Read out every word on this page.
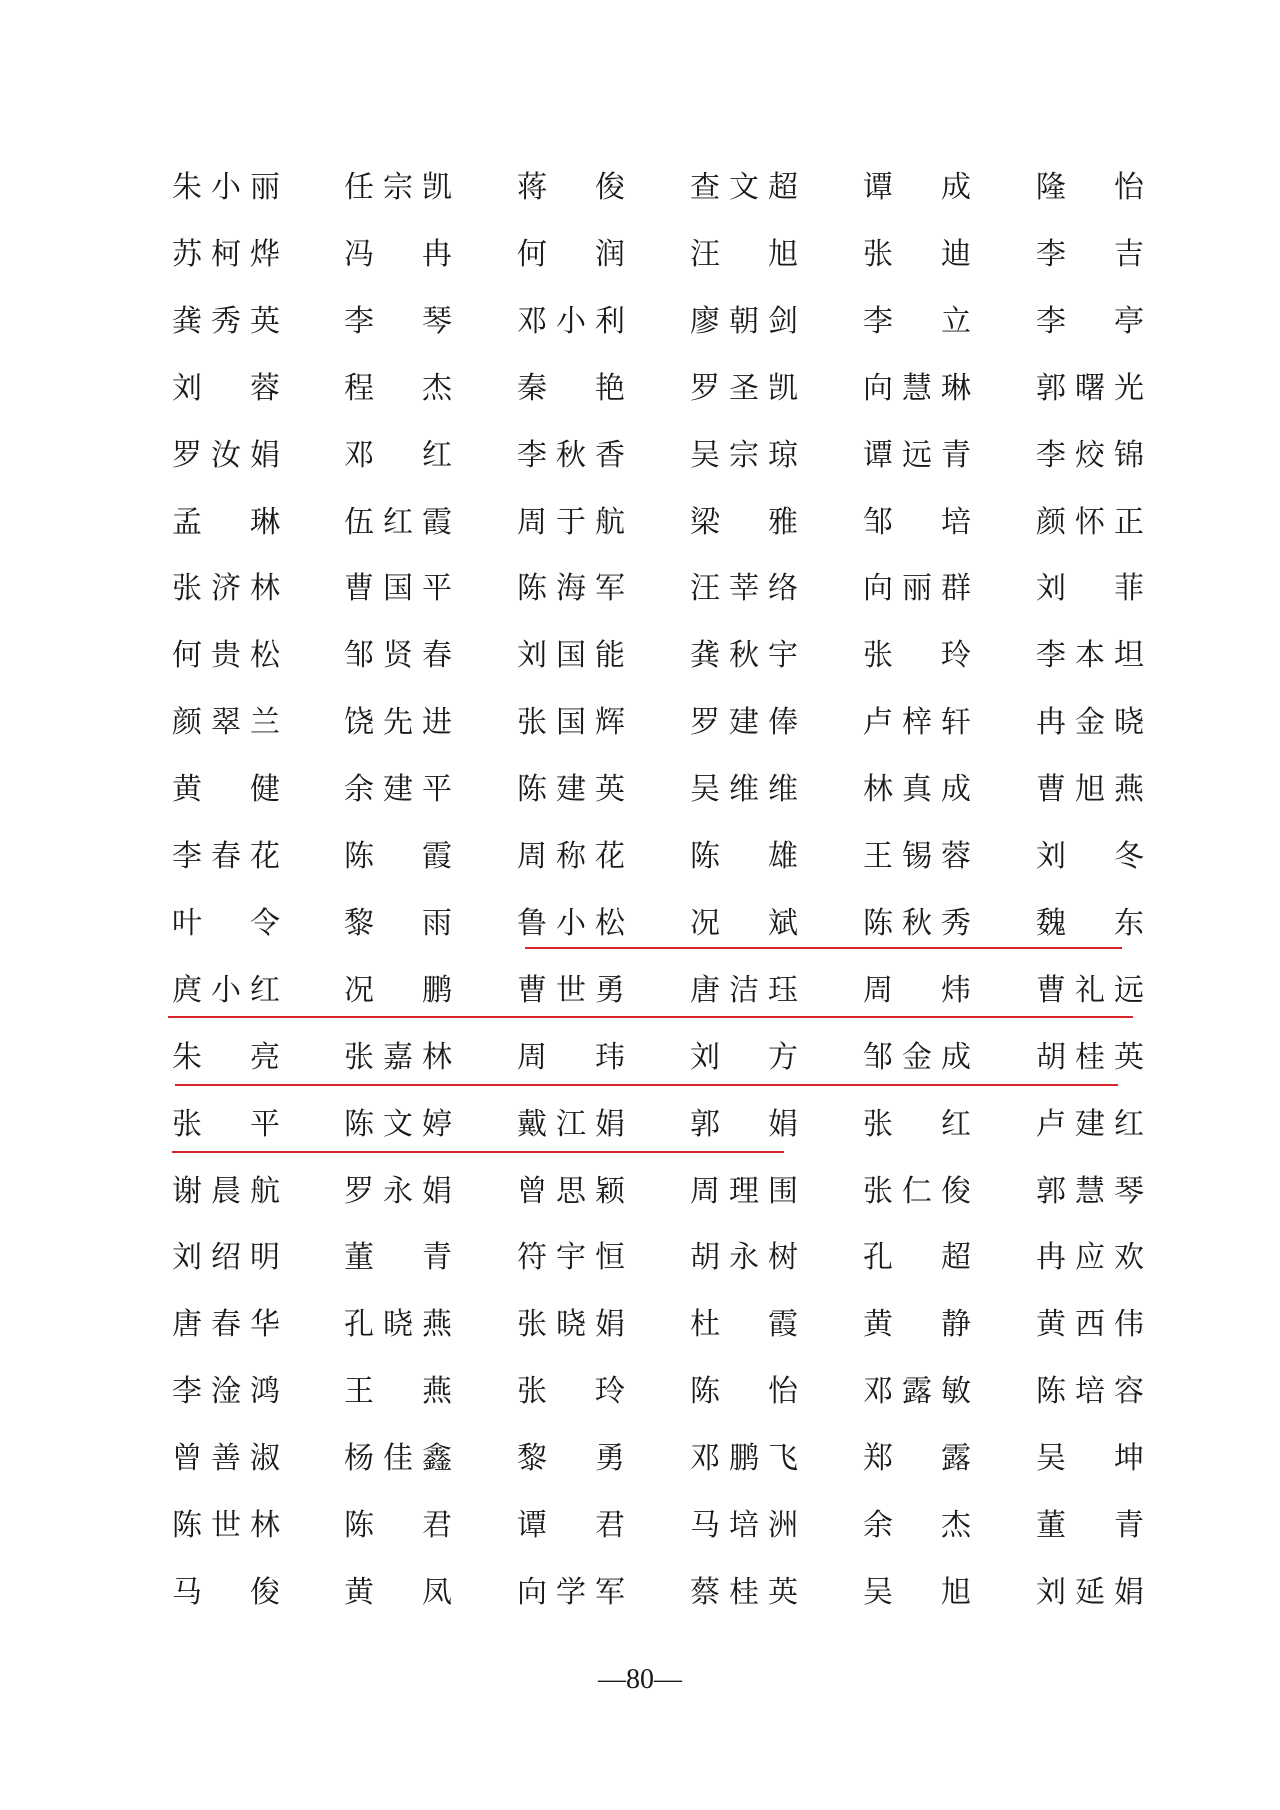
朱 小 丽 任 宗 凯 蒋 俊 查 文 超 谭 成 隆 怡
苏 柯 烨 冯 冉 何 润 汪 旭 张 迪 李 吉
龚 秀 英 李 琴 邓 小 利 廖 朝 剑 李 立 李 亭
刘 蓉 程 杰 秦 艳 罗 圣 凯 向 慧 琳 郭 曙 光
罗 汝 娟 邓 红 李 秋 香 吴 宗 琼 谭 远 青 李 烄 锦
孟 琳 伍 红 霞 周 于 航 梁 雅 邹 培 颜 怀 正
张 济 林 曹 国 平 陈 海 军 汪 莘 络 向 丽 群 刘 菲
何 贵 松 邹 贤 春 刘 国 能 龚 秋 宇 张 玲 李 本 坦
颜 翠 兰 饶 先 进 张 国 辉 罗 建 俸 卢 梓 轩 冉 金 晓
黄 健 余 建 平 陈 建 英 吴 维 维 林 真 成 曹 旭 燕
李 春 花 陈 霞 周 称 花 陈 雄 王 锡 蓉 刘 冬
叶 令 黎 雨 鲁 小 松 况 斌 陈 秋 秀 魏 东
庹 小 红 况 鹏 曹 世 勇 唐 洁 珏 周 炜 曹 礼 远
朱 亮 张 嘉 林 周 玮 刘 方 邹 金 成 胡 桂 英
张 平 陈 文 婷 戴 江 娟 郭 娟 张 红 卢 建 红
谢 晨 航 罗 永 娟 曾 思 颖 周 理 围 张 仁 俊 郭 慧 琴
刘 绍 明 董 青 符 宇 恒 胡 永 树 孔 超 冉 应 欢
唐 春 华 孔 晓 燕 张 晓 娟 杜 霞 黄 静 黄 西 伟
李 淦 鸿 王 燕 张 玲 陈 怡 邓 露 敏 陈 培 容
曾 善 淑 杨 佳 鑫 黎 勇 邓 鹏 飞 郑 露 吴 坤
陈 世 林 陈 君 谭 君 马 培 洲 余 杰 董 青
马 俊 黄 凤 向 学 军 蔡 桂 英 吴 旭 刘 延 娟
—80—
